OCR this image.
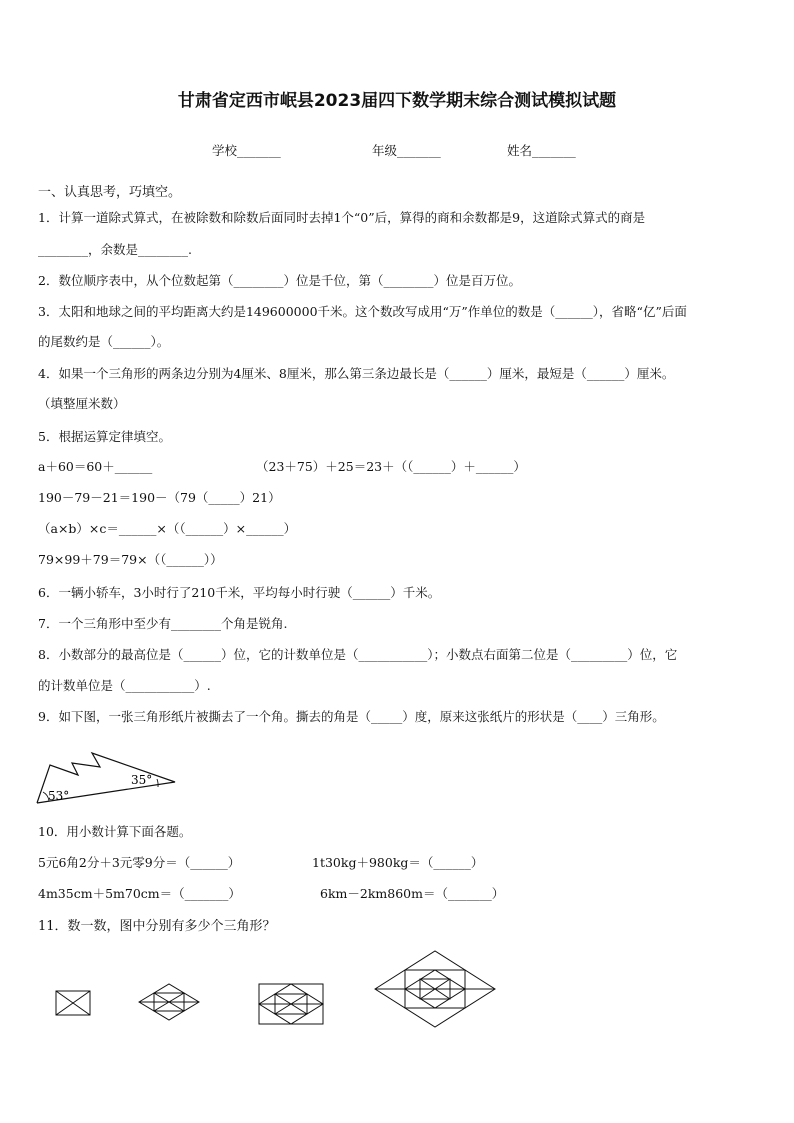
甘肃省定西市岷县2023届四下数学期末综合测试模拟试题
学校_______	年级_______	姓名_______
一、认真思考，巧填空。
1．计算一道除式算式，在被除数和除数后面同时去掉1个“0”后，算得的商和余数都是9，这道除式算式的商是
________，余数是________.
2．数位顺序表中，从个位数起第（________）位是千位，第（________）位是百万位。
3．太阳和地球之间的平均距离大约是149600000千米。这个数改写成用“万”作单位的数是（______），省略“亿”后面
的尾数约是（______）。
4．如果一个三角形的两条边分别为4厘米、8厘米，那么第三条边最长是（______）厘米，最短是（______）厘米。
（填整厘米数）
5．根据运算定律填空。
a＋60＝60＋______	（23＋75）＋25＝23＋（（______）＋______）
190－79－21＝190－（79（_____）21）
（a×b）×c＝______×（（______）×______）
79×99＋79＝79×（（______））
6．一辆小轿车，3小时行了210千米，平均每小时行驶（______）千米。
7．一个三角形中至少有________个角是锐角.
8．小数部分的最高位是（______）位，它的计数单位是（___________）；小数点右面第二位是（_________）位，它
的计数单位是（___________）.
9．如下图，一张三角形纸片被撕去了一个角。撕去的角是（_____）度，原来这张纸片的形状是（____）三角形。
53°
35°
10．用小数计算下面各题。
5元6角2分＋3元零9分＝（______）	1t30kg＋980kg＝（______）
4m35cm＋5m70cm＝（_______）	6km－2km860m＝（_______）
11．数一数，图中分别有多少个三角形？
